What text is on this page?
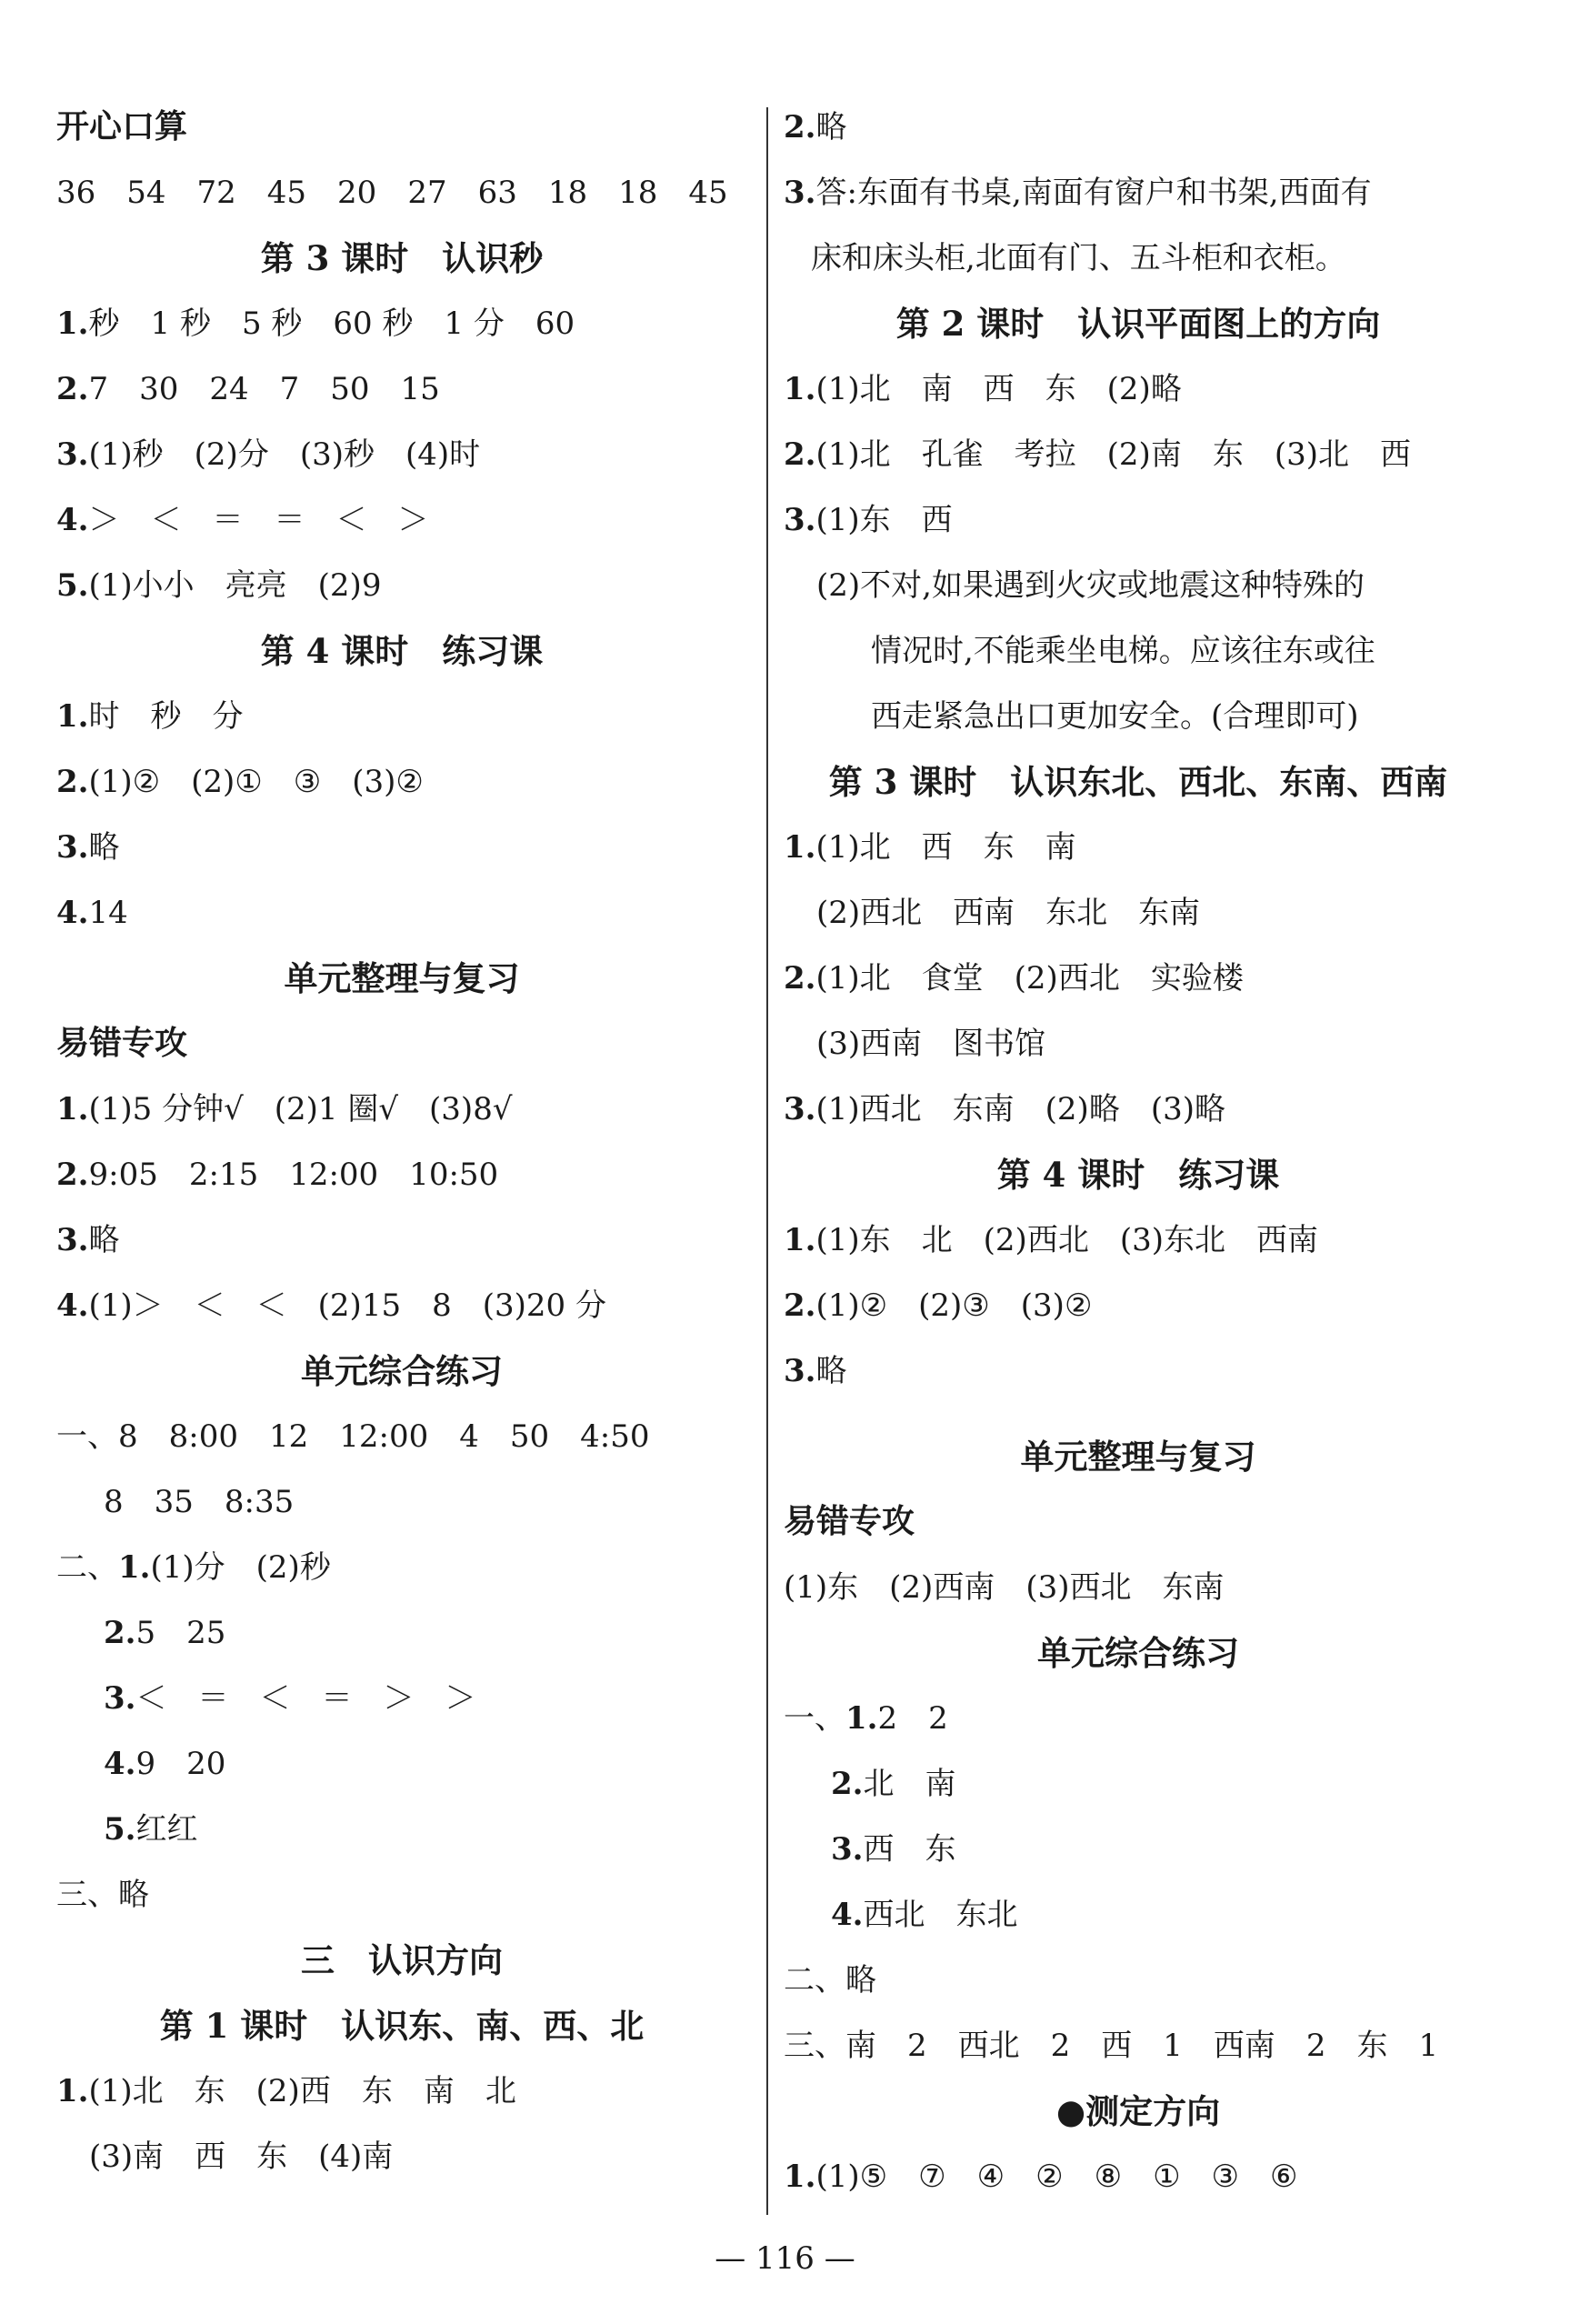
开心口算
36　54　72　45　20　27　63　18　18　45
第 3 课时　认识秒
1.秒　1 秒　5 秒　60 秒　1 分　60
2.7　30　24　7　50　15
3.(1)秒　(2)分　(3)秒　(4)时
4.＞　＜　＝　＝　＜　＞
5.(1)小小　亮亮　(2)9
第 4 课时　练习课
1.时　秒　分
2.(1)②　(2)①　③　(3)②
3.略
4.14
单元整理与复习
易错专攻
1.(1)5 分钟√　(2)1 圈√　(3)8√
2.9:05　2:15　12:00　10:50
3.略
4.(1)＞　＜　＜　(2)15　8　(3)20 分
单元综合练习
一、8　8:00　12　12:00　4　50　4:50
8　35　8:35
二、1.(1)分　(2)秒
2.5　25
3.＜　＝　＜　＝　＞　＞
4.9　20
5.红红
三、略
三　认识方向
第 1 课时　认识东、南、西、北
1.(1)北　东　(2)西　东　南　北
(3)南　西　东　(4)南
2.略
3.答:东面有书桌,南面有窗户和书架,西面有
床和床头柜,北面有门、五斗柜和衣柜。
第 2 课时　认识平面图上的方向
1.(1)北　南　西　东　(2)略
2.(1)北　孔雀　考拉　(2)南　东　(3)北　西
3.(1)东　西
(2)不对,如果遇到火灾或地震这种特殊的
情况时,不能乘坐电梯。应该往东或往
西走紧急出口更加安全。(合理即可)
第 3 课时　认识东北、西北、东南、西南
1.(1)北　西　东　南
(2)西北　西南　东北　东南
2.(1)北　食堂　(2)西北　实验楼
(3)西南　图书馆
3.(1)西北　东南　(2)略　(3)略
第 4 课时　练习课
1.(1)东　北　(2)西北　(3)东北　西南
2.(1)②　(2)③　(3)②
3.略
单元整理与复习
易错专攻
(1)东　(2)西南　(3)西北　东南
单元综合练习
一、1.2　2
2.北　南
3.西　东
4.西北　东北
二、略
三、南　2　西北　2　西　1　西南　2　东　1
●测定方向
1.(1)⑤　⑦　④　②　⑧　①　③　⑥
— 116 —
